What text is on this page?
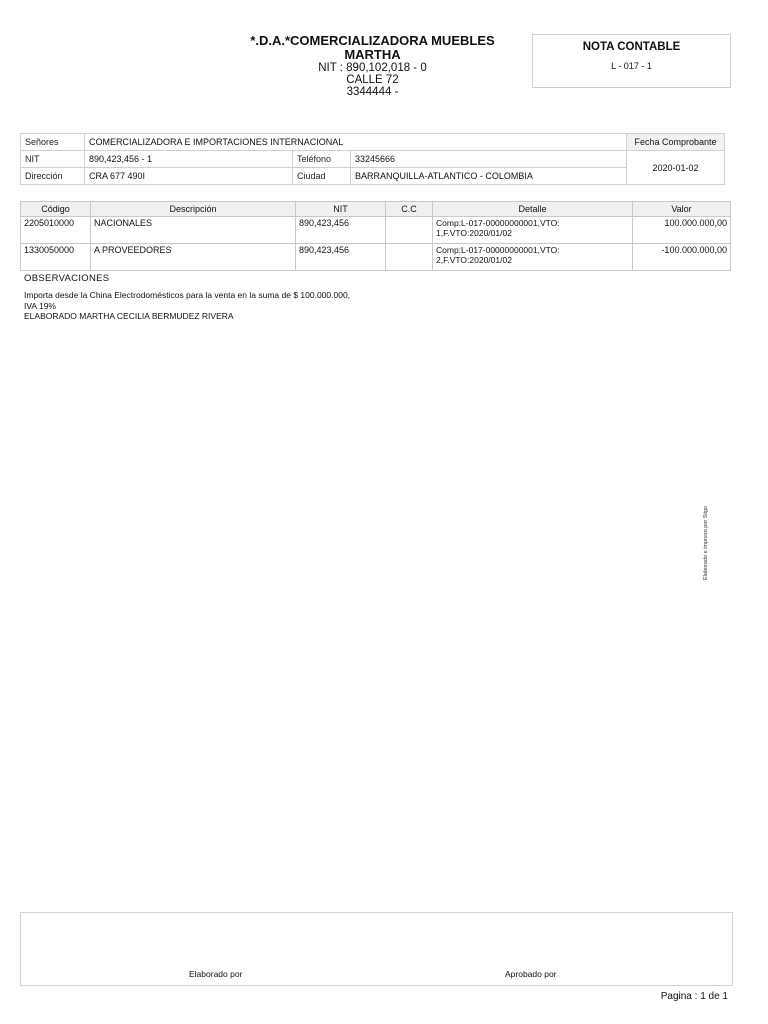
*.D.A.*COMERCIALIZADORA MUEBLES MARTHA
NIT : 890,102,018 - 0
CALLE 72
3344444 -
NOTA CONTABLE
L - 017 - 1
Señores	COMERCIALIZADORA E IMPORTACIONES INTERNACIONAL			Fecha Comprobante
NIT	890,423,456 - 1	Teléfono	33245666	2020-01-02
Dirección	CRA 677 490I	Ciudad	BARRANQUILLA-ATLANTICO - COLOMBIA	
Código	Descripción	NIT	C.C	Detalle	Valor
2205010000	NACIONALES	890,423,456		Comp:L-017-00000000001,VTO:
1,F.VTO:2020/01/02	100.000.000,00
1330050000	A PROVEEDORES	890,423,456		Comp:L-017-00000000001,VTO:
2,F.VTO:2020/01/02	-100.000.000,00
OBSERVACIONES
Importa desde la China Electrodomésticos para la venta en la suma de $ 100.000.000,
IVA 19%
ELABORADO MARTHA CECILIA BERMUDEZ RIVERA
Elaborado e impreso por Siigo
Elaborado por	Aprobado por
Pagina : 1 de 1
